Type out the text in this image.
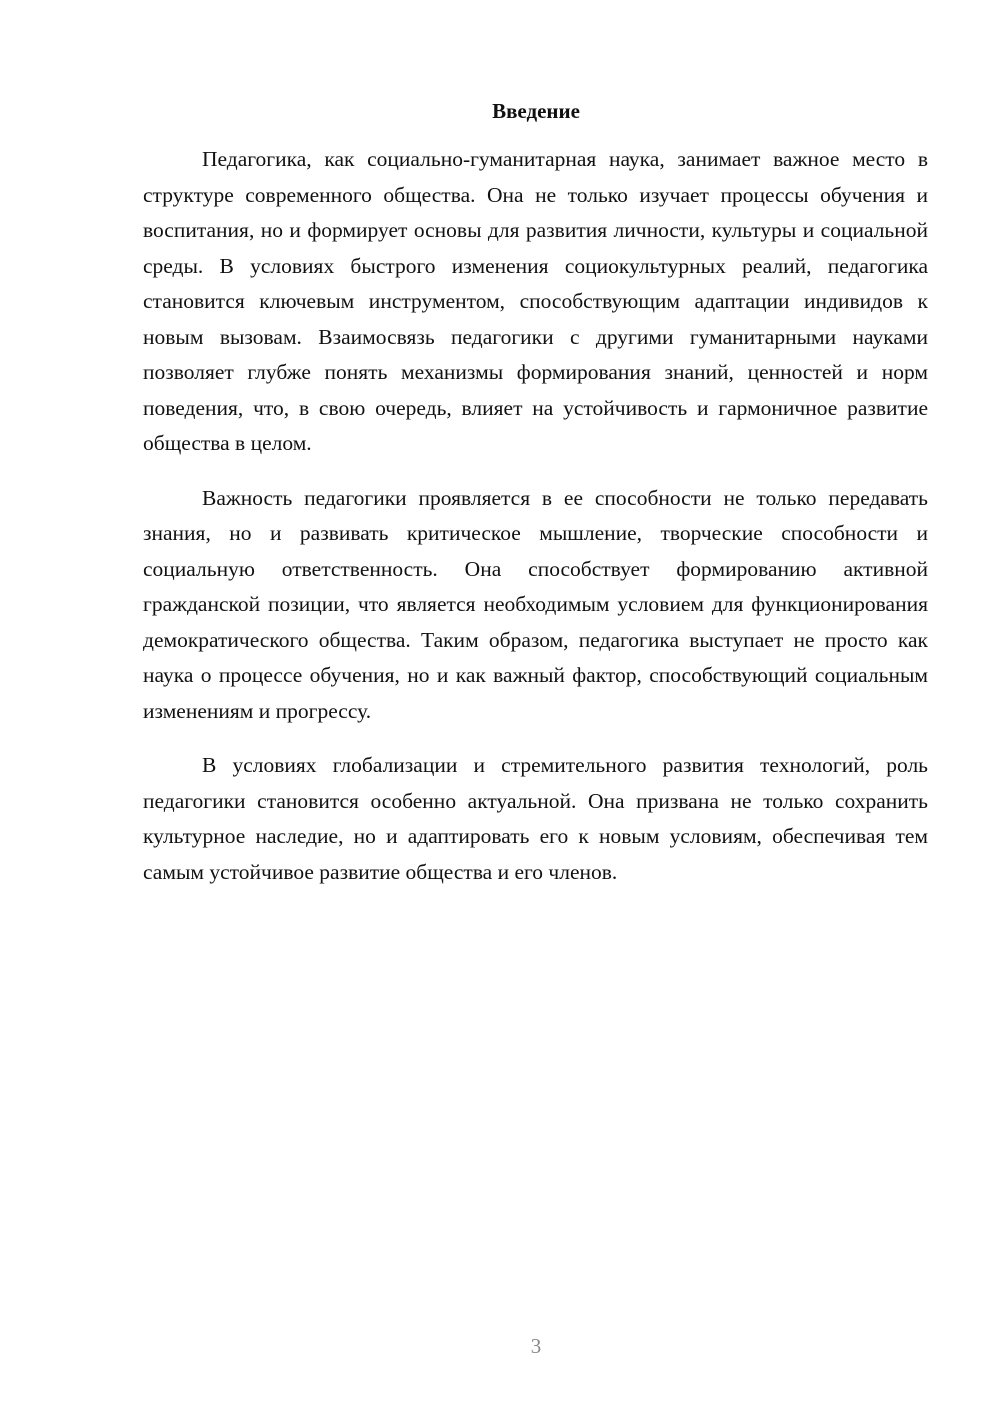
Введение

Педагогика, как социально-гуманитарная наука, занимает важное место в структуре современного общества. Она не только изучает процессы обучения и воспитания, но и формирует основы для развития личности, культуры и социальной среды. В условиях быстрого изменения социокультурных реалий, педагогика становится ключевым инструментом, способствующим адаптации индивидов к новым вызовам. Взаимосвязь педагогики с другими гуманитарными науками позволяет глубже понять механизмы формирования знаний, ценностей и норм поведения, что, в свою очередь, влияет на устойчивость и гармоничное развитие общества в целом.

Важность педагогики проявляется в ее способности не только передавать знания, но и развивать критическое мышление, творческие способности и социальную ответственность. Она способствует формированию активной гражданской позиции, что является необходимым условием для функционирования демократического общества. Таким образом, педагогика выступает не просто как наука о процессе обучения, но и как важный фактор, способствующий социальным изменениям и прогрессу.

В условиях глобализации и стремительного развития технологий, роль педагогики становится особенно актуальной. Она призвана не только сохранить культурное наследие, но и адаптировать его к новым условиям, обеспечивая тем самым устойчивое развитие общества и его членов.

3
